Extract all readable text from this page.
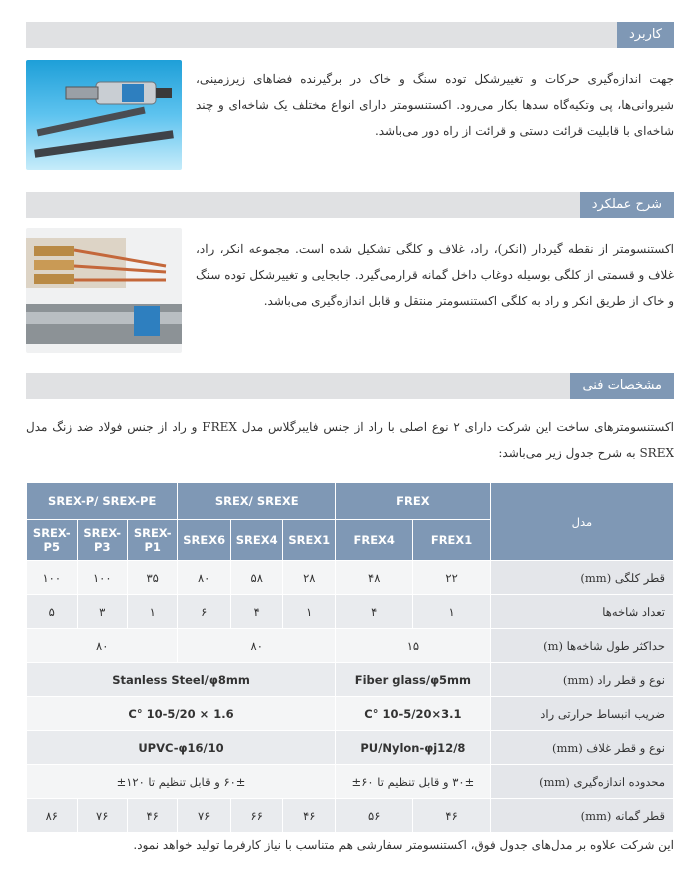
کاربرد
جهت اندازه‌گیری حرکات و تغییرشکل توده سنگ و خاک در برگیرنده فضاهای زیرزمینی، شیروانی‌ها، پی وتکیه‌گاه سدها بکار می‌رود. اکستنسومتر دارای انواع مختلف یک شاخه‌ای و چند شاخه‌ای با قابلیت قرائت دستی و قرائت از راه دور می‌باشد.
شرح عملکرد
اکستنسومتر از نقطه گیردار (انکر)، راد، غلاف و کلگی تشکیل شده است. مجموعه انکر، راد، غلاف و قسمتی از کلگی بوسیله دوغاب داخل گمانه قرارمی‌گیرد. جابجایی و تغییرشکل توده سنگ و خاک از طریق انکر و راد به کلگی اکستنسومتر منتقل و قابل اندازه‌گیری می‌باشد.
مشخصات فنی
اکستنسومترهای ساخت این شرکت دارای ۲ نوع اصلی با راد از جنس فایبرگلاس مدل FREX و راد از جنس فولاد ضد زنگ مدل SREX به شرح جدول زیر می‌باشد:
مدل	FREX		SREX/ SREXE			SREX-P/ SREX-PE		
	FREX1	FREX4	SREX1	SREX4	SREX6	SREX-P1	SREX-P3	SREX-P5
قطر کلگی (mm)	۲۲	۴۸	۲۸	۵۸	۸۰	۳۵	۱۰۰	۱۰۰
تعداد شاخه‌ها	۱	۴	۱	۴	۶	۱	۳	۵
حداکثر طول شاخه‌ها (m)	۱۵		۸۰			۸۰		
نوع و قطر راد (mm)	Fiber glass/φ5mm		Stanless Steel/φ8mm					
ضریب انبساط حرارتی راد	3.1×10-5/20 °C		1.6 × 10-5/20 °C					
نوع و قطر غلاف (mm)	PU/Nylon-φj12/8		UPVC-φ16/10					
محدوده اندازه‌گیری (mm)	۳۰± و قابل تنظیم تا ۶۰±		۶۰± و قابل تنظیم تا ۱۲۰±					
قطر گمانه (mm)	۴۶	۵۶	۴۶	۶۶	۷۶	۴۶	۷۶	۸۶
این شرکت علاوه بر مدل‌های جدول فوق، اکستنسومتر سفارشی هم متناسب با نیاز کارفرما تولید خواهد نمود.
